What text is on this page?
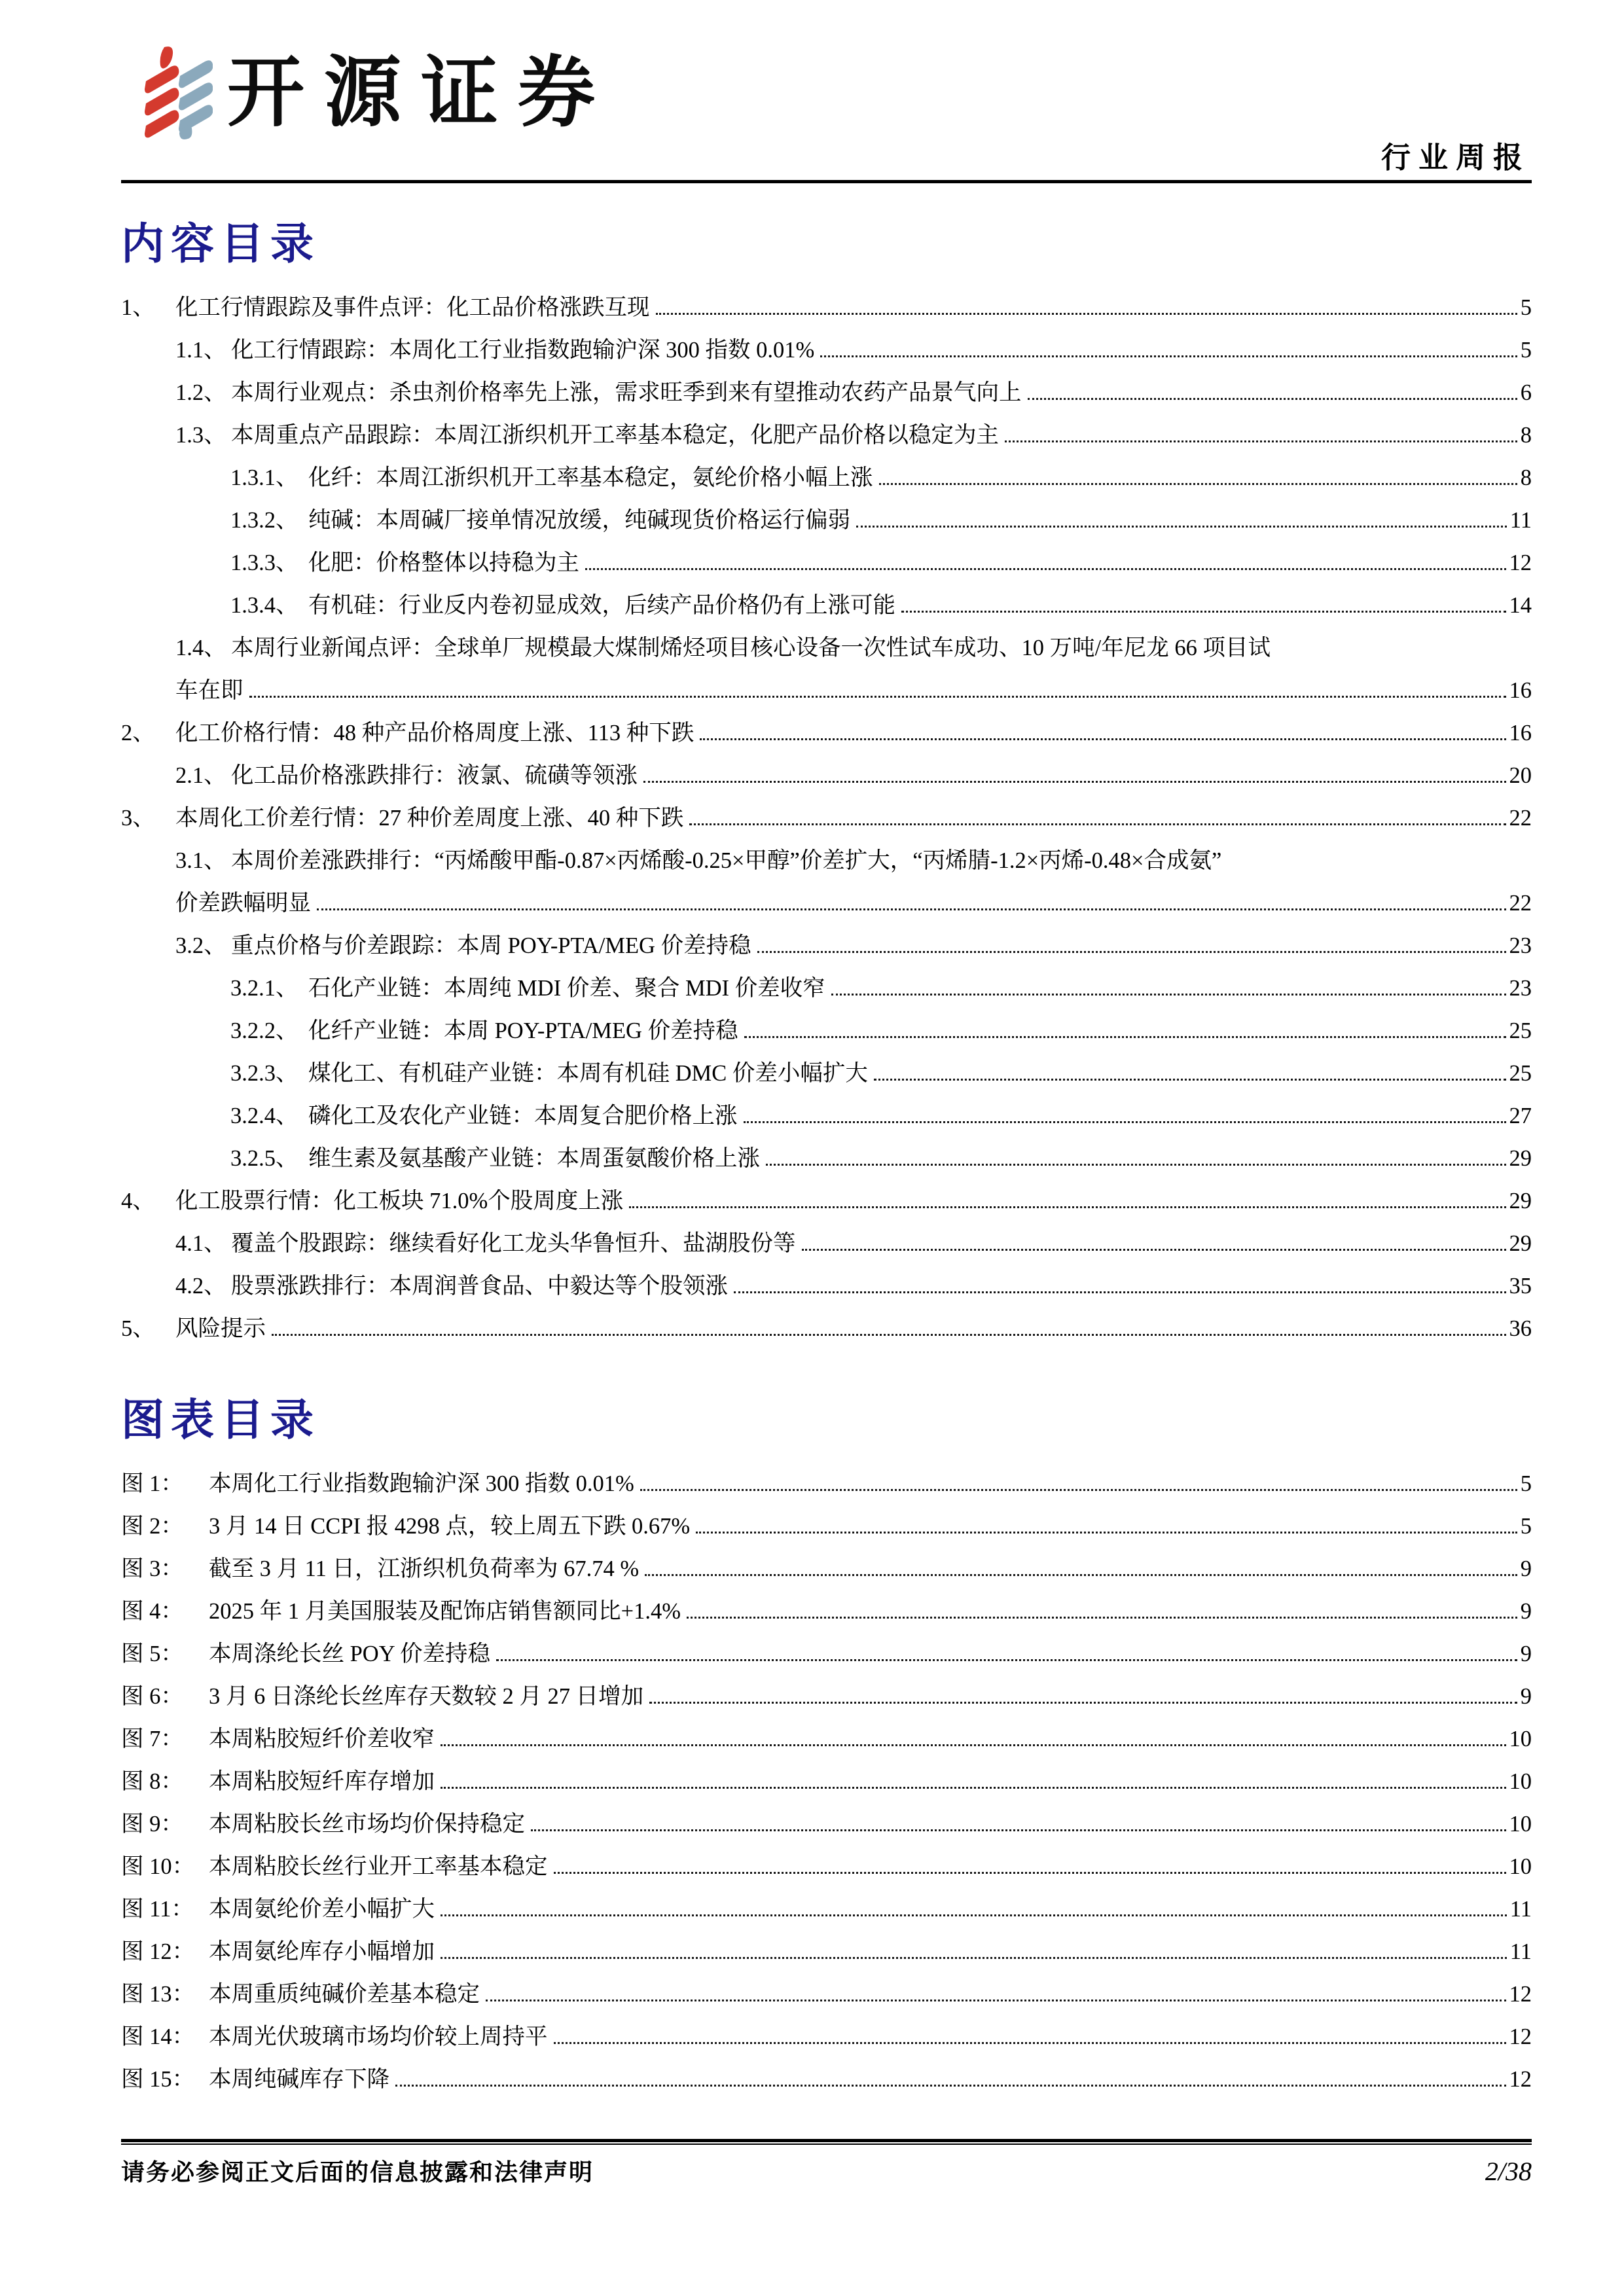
开源证券
行业周报
内容目录
1、 化工行情跟踪及事件点评：化工品价格涨跌互现	5
1.1、 化工行情跟踪：本周化工行业指数跑输沪深 300 指数 0.01%	5
1.2、 本周行业观点：杀虫剂价格率先上涨，需求旺季到来有望推动农药产品景气向上	6
1.3、 本周重点产品跟踪：本周江浙织机开工率基本稳定，化肥产品价格以稳定为主	8
1.3.1、 化纤：本周江浙织机开工率基本稳定，氨纶价格小幅上涨	8
1.3.2、 纯碱：本周碱厂接单情况放缓，纯碱现货价格运行偏弱	11
1.3.3、 化肥：价格整体以持稳为主	12
1.3.4、 有机硅：行业反内卷初显成效，后续产品价格仍有上涨可能	14
1.4、 本周行业新闻点评：全球单厂规模最大煤制烯烃项目核心设备一次性试车成功、10 万吨/年尼龙 66 项目试
车在即	16
2、 化工价格行情：48 种产品价格周度上涨、113 种下跌	16
2.1、 化工品价格涨跌排行：液氯、硫磺等领涨	20
3、 本周化工价差行情：27 种价差周度上涨、40 种下跌	22
3.1、 本周价差涨跌排行：“丙烯酸甲酯-0.87×丙烯酸-0.25×甲醇”价差扩大，“丙烯腈-1.2×丙烯-0.48×合成氨”
价差跌幅明显	22
3.2、 重点价格与价差跟踪：本周 POY-PTA/MEG 价差持稳	23
3.2.1、 石化产业链：本周纯 MDI 价差、聚合 MDI 价差收窄	23
3.2.2、 化纤产业链：本周 POY-PTA/MEG 价差持稳	25
3.2.3、 煤化工、有机硅产业链：本周有机硅 DMC 价差小幅扩大	25
3.2.4、 磷化工及农化产业链：本周复合肥价格上涨	27
3.2.5、 维生素及氨基酸产业链：本周蛋氨酸价格上涨	29
4、 化工股票行情：化工板块 71.0%个股周度上涨	29
4.1、 覆盖个股跟踪：继续看好化工龙头华鲁恒升、盐湖股份等	29
4.2、 股票涨跌排行：本周润普食品、中毅达等个股领涨	35
5、 风险提示	36
图表目录
图 1：	本周化工行业指数跑输沪深 300 指数 0.01%	5
图 2：	3 月 14 日 CCPI 报 4298 点，较上周五下跌 0.67%	5
图 3：	截至 3 月 11 日，江浙织机负荷率为 67.74 %	9
图 4：	2025 年 1 月美国服装及配饰店销售额同比+1.4%	9
图 5：	本周涤纶长丝 POY 价差持稳	9
图 6：	3 月 6 日涤纶长丝库存天数较 2 月 27 日增加	9
图 7：	本周粘胶短纤价差收窄	10
图 8：	本周粘胶短纤库存增加	10
图 9：	本周粘胶长丝市场均价保持稳定	10
图 10： 本周粘胶长丝行业开工率基本稳定	10
图 11： 本周氨纶价差小幅扩大	11
图 12： 本周氨纶库存小幅增加	11
图 13： 本周重质纯碱价差基本稳定	12
图 14： 本周光伏玻璃市场均价较上周持平	12
图 15： 本周纯碱库存下降	12
请务必参阅正文后面的信息披露和法律声明	2/38
